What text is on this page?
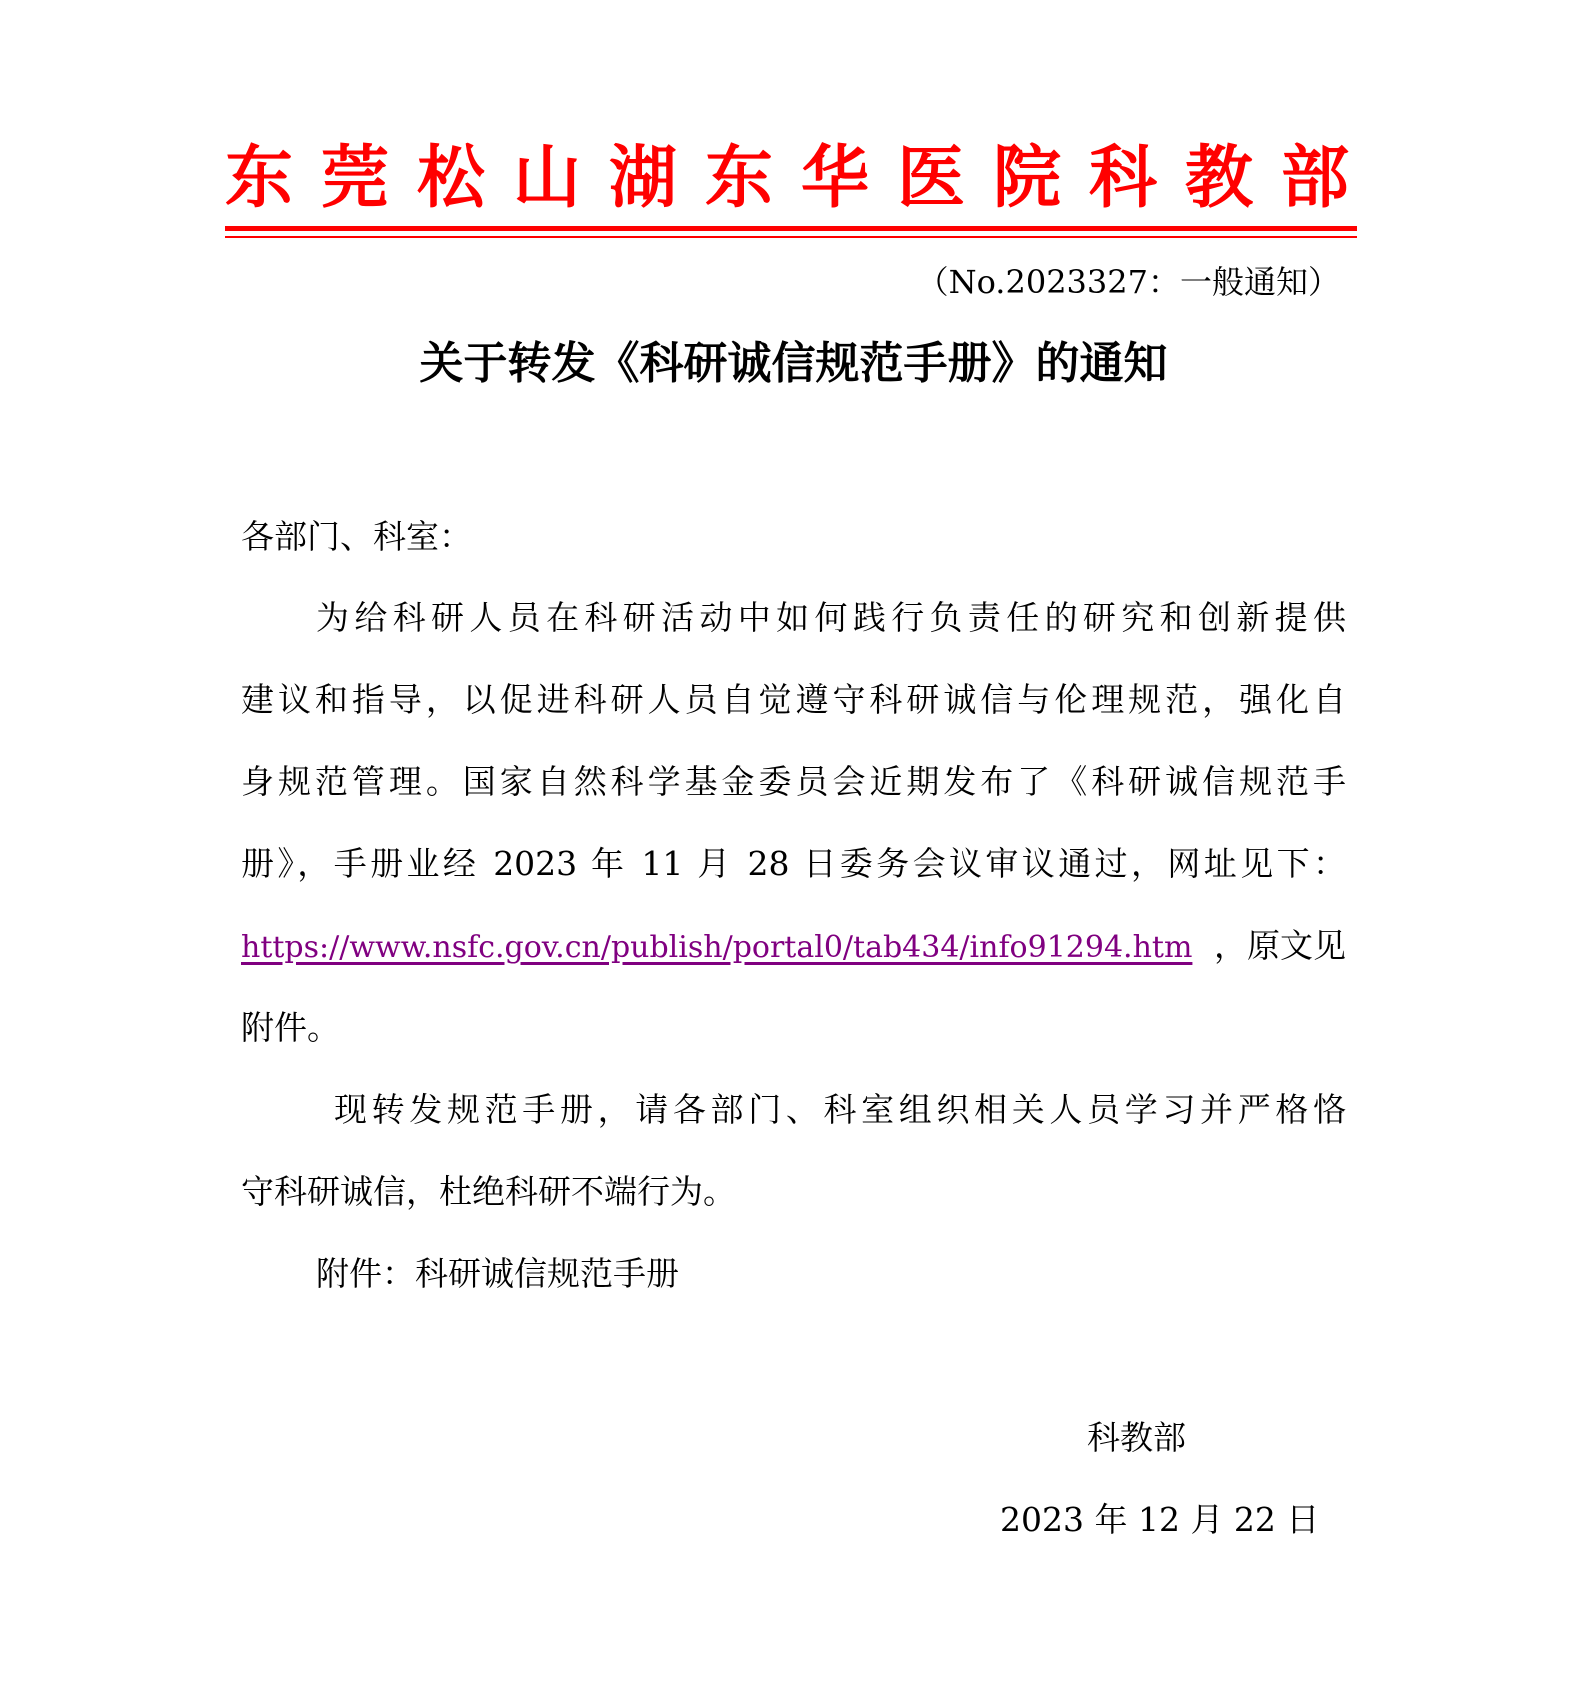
东莞松山湖东华医院科教部
（No.2023327：一般通知）
关于转发《科研诚信规范手册》的通知
各部门、科室：
为给科研人员在科研活动中如何践行负责任的研究和创新提供
建议和指导，以促进科研人员自觉遵守科研诚信与伦理规范，强化自
身规范管理。国家自然科学基金委员会近期发布了《科研诚信规范手
册》，手册业经 2023 年 11 月 28 日委务会议审议通过，网址见下：
https://www.nsfc.gov.cn/publish/portal0/tab434/info91294.htm ，原文见
附件。
现转发规范手册，请各部门、科室组织相关人员学习并严格恪
守科研诚信，杜绝科研不端行为。
附件：科研诚信规范手册
科教部
2023 年 12 月 22 日
